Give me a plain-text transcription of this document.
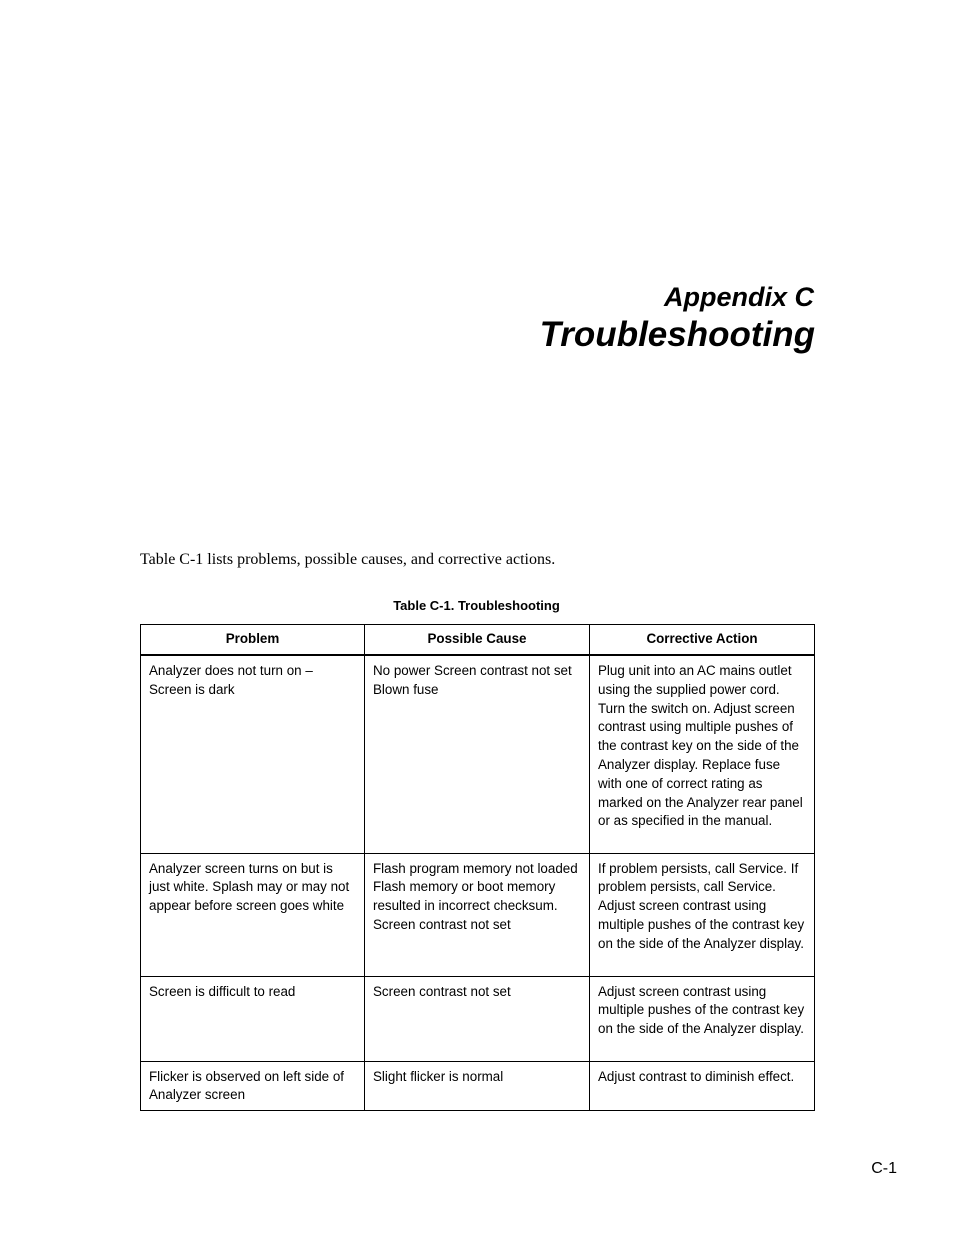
Appendix C
Troubleshooting
Table C-1 lists problems, possible causes, and corrective actions.
Table C-1. Troubleshooting
Problem	Possible Cause	Corrective Action
Analyzer does not turn on – Screen is dark	No power Screen contrast not set Blown fuse	Plug unit into an AC mains outlet using the supplied power cord. Turn the switch on. Adjust screen contrast using multiple pushes of the contrast key on the side of the Analyzer display. Replace fuse with one of correct rating as marked on the Analyzer rear panel or as specified in the manual.
Analyzer screen turns on but is just white. Splash may or may not appear before screen goes white	Flash program memory not loaded Flash memory or boot memory resulted in incorrect checksum. Screen contrast not set	If problem persists, call Service. If problem persists, call Service. Adjust screen contrast using multiple pushes of the contrast key on the side of the Analyzer display.
Screen is difficult to read	Screen contrast not set	Adjust screen contrast using multiple pushes of the contrast key on the side of the Analyzer display.
Flicker is observed on left side of Analyzer screen	Slight flicker is normal	Adjust contrast to diminish effect.
C-1
